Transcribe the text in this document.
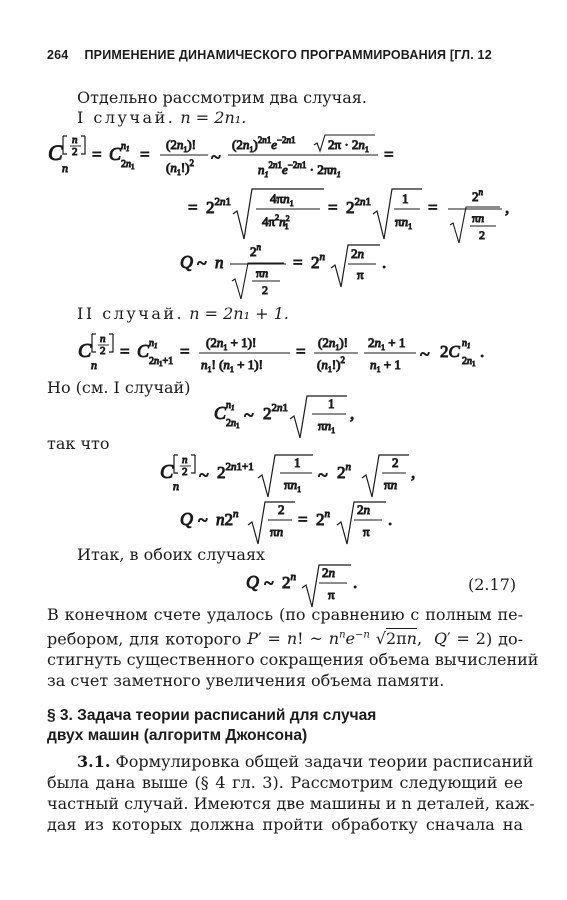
264 ПРИМЕНЕНИЕ ДИНАМИЧЕСКОГО ПРОГРАММИРОВАНИЯ [ГЛ. 12
Отдельно рассмотрим два случая.
I случай. n = 2n₁.
II случай. n = 2n₁ + 1.
Но (см. I случай)
так что
Итак, в обоих случаях
(2.17)
В конечном счете удалось (по сравнению с полным пе-
ребором, для которого P′ = n! ~ $n^ne^{-n}$ √2πn,  Q′ = 2) до-
стигнуть существенного сокращения объема вычислений
за счет заметного увеличения объема памяти.
§ 3. Задача теории расписаний для случая
двух машин (алгоритм Джонсона)
3.1. Формулировка общей задачи теории расписаний
была дана выше (§ 4 гл. 3). Рассмотрим следующий ее
частный случай. Имеются две машины и n деталей, каж-
дая из которых должна пройти обработку сначала на
C
n
n
2 = C $n_1$
$2n_1$
=
$(2n_1)$!
$(n_1!)^2$ ~
$(2n_1)^{2n1}e^{-2n1}$ $2\pi \cdot 2n_1$
$n_1^{2n1}e^{-2n1} \cdot 2\pi n_1$
=
= $2^{2n1}$	$4\pi n_1$
$4\pi^2n^2$ 1
= $2^{2n1}$ 1
$\pi n_1$
=
$2^n$
πn
2
,
Q ~ n
2$^n$
πn
2
= $2^n$ 2n
π
.
C
n
n
2 = C $n_1$
$2n_1+1$
= $(2n_1 + 1)$!
$n_1$! $(n_1 + 1)$!
= $(2n_1)$!
$(n_1!)^2$
$2n_1 + 1$
$n_1 + 1$
~ 2C $n_1$
$2n_1$
.
C $n_1$
$2n_1$
~ $2^{2n1}$	1
$\pi n_1$
,
C
n
n
2 ~ $2^{2n1+1}$	1
$\pi n_1$
~ 2$^n$	2
πn
,
Q ~ n2$^n$	2
πn
= $2^n$ 2n
π
.
Q ~ 2$^n$ 2n
π
.
